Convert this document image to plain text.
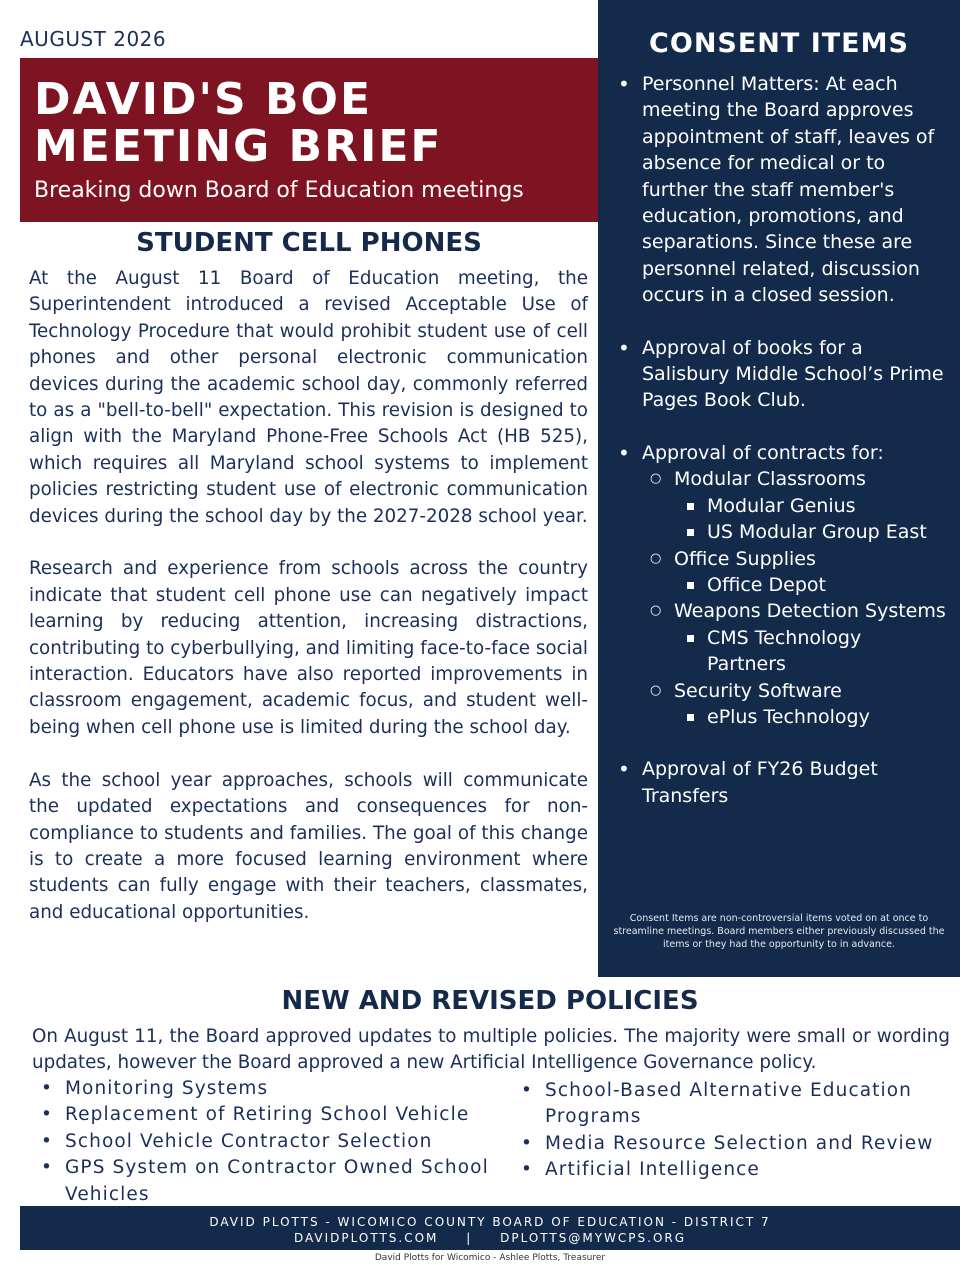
AUGUST 2026
DAVID'S BOE
MEETING BRIEF
Breaking down Board of Education meetings
STUDENT CELL PHONES

At the August 11 Board of Education meeting, the Superintendent introduced a revised Acceptable Use of Technology Procedure that would prohibit student use of cell phones and other personal electronic communication devices during the academic school day, commonly referred to as a "bell-to-bell" expectation. This revision is designed to align with the Maryland Phone-Free Schools Act (HB 525), which requires all Maryland school systems to implement policies restricting student use of electronic communication devices during the school day by the 2027-2028 school year.

Research and experience from schools across the country indicate that student cell phone use can negatively impact learning by reducing attention, increasing distractions, contributing to cyberbullying, and limiting face-to-face social interaction. Educators have also reported improvements in classroom engagement, academic focus, and student well-being when cell phone use is limited during the school day.

As the school year approaches, schools will communicate the updated expectations and consequences for non-compliance to students and families. The goal of this change is to create a more focused learning environment where students can fully engage with their teachers, classmates, and educational opportunities.

CONSENT ITEMS
• Personnel Matters: At each meeting the Board approves appointment of staff, leaves of absence for medical or to further the staff member's education, promotions, and separations. Since these are personnel related, discussion occurs in a closed session.
• Approval of books for a Salisbury Middle School’s Prime Pages Book Club.
• Approval of contracts for:
○ Modular Classrooms
Modular Genius
US Modular Group East
○ Office Supplies
Office Depot
○ Weapons Detection Systems
CMS Technology Partners
○ Security Software
ePlus Technology
• Approval of FY26 Budget Transfers
Consent Items are non-controversial items voted on at once to streamline meetings. Board members either previously discussed the items or they had the opportunity to in advance.
NEW AND REVISED POLICIES
On August 11, the Board approved updates to multiple policies. The majority were small or wording updates, however the Board approved a new Artificial Intelligence Governance policy.
• Monitoring Systems
• Replacement of Retiring School Vehicle
• School Vehicle Contractor Selection
• GPS System on Contractor Owned School Vehicles
• School-Based Alternative Education Programs
• Media Resource Selection and Review
• Artificial Intelligence
DAVID PLOTTS - WICOMICO COUNTY BOARD OF EDUCATION - DISTRICT 7
DAVIDPLOTTS.COM | DPLOTTS@MYWCPS.ORG
David Plotts for Wicomico - Ashlee Plotts, Treasurer
